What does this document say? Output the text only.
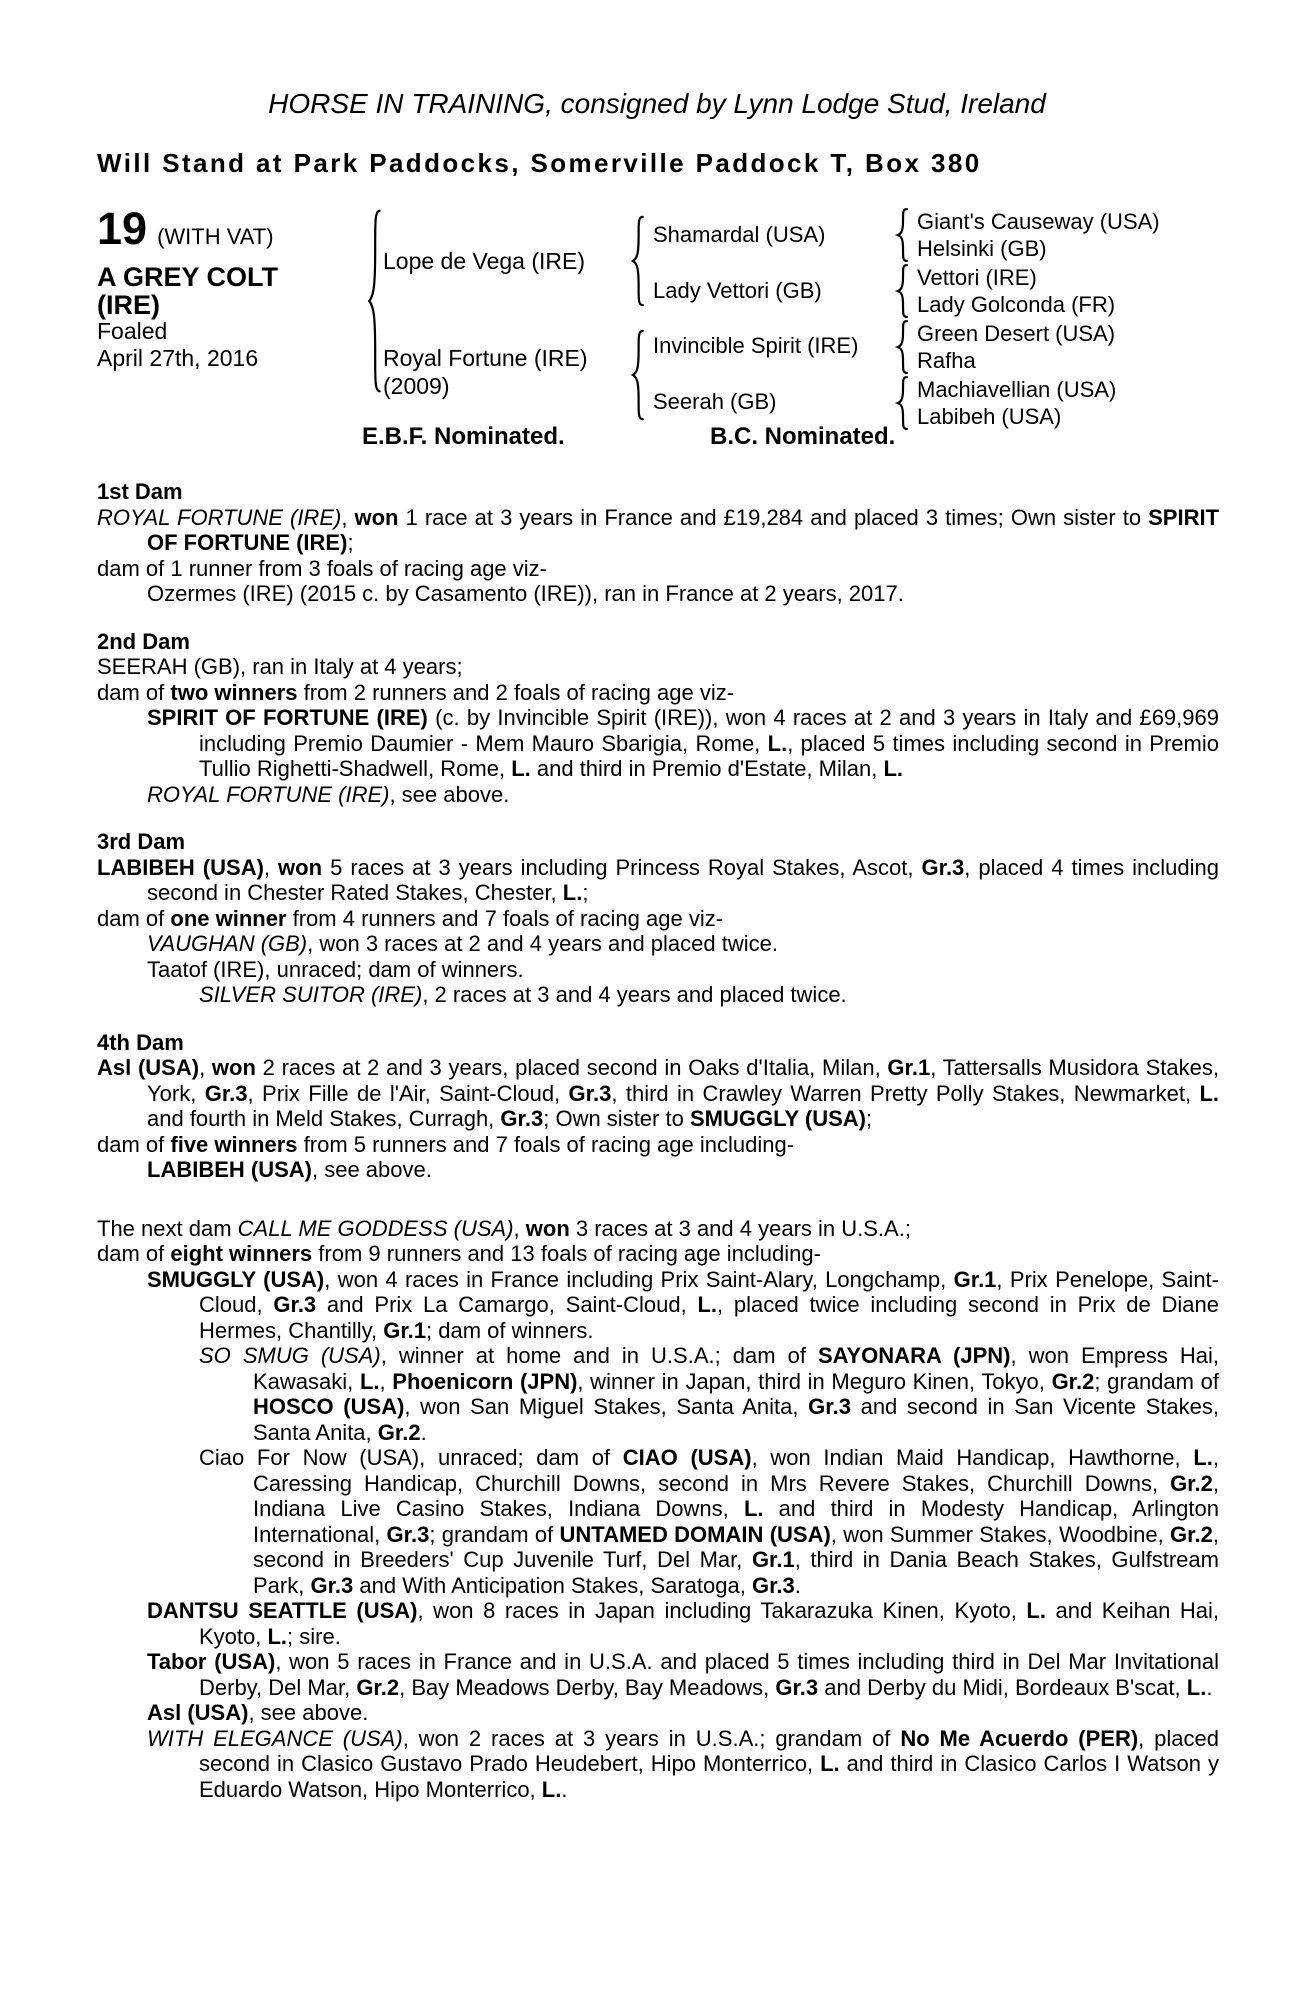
HORSE IN TRAINING, consigned by Lynn Lodge Stud, Ireland
Will Stand at Park Paddocks, Somerville Paddock T, Box 380
19 (WITH VAT)
A GREY COLT
(IRE)
Foaled
April 27th, 2016
Lope de Vega (IRE)
Royal Fortune (IRE)
(2009)
Shamardal (USA)
Lady Vettori (GB)
Invincible Spirit (IRE)
Seerah (GB)
Giant's Causeway (USA)
Helsinki (GB)
Vettori (IRE)
Lady Golconda (FR)
Green Desert (USA)
Rafha
Machiavellian (USA)
Labibeh (USA)
E.B.F. Nominated.	B.C. Nominated.
1st Dam

ROYAL FORTUNE (IRE), won 1 race at 3 years in France and £19,284 and placed 3 times; Own sister to SPIRIT OF FORTUNE (IRE);

dam of 1 runner from 3 foals of racing age viz-

Ozermes (IRE) (2015 c. by Casamento (IRE)), ran in France at 2 years, 2017.

2nd Dam

SEERAH (GB), ran in Italy at 4 years;

dam of two winners from 2 runners and 2 foals of racing age viz-

SPIRIT OF FORTUNE (IRE) (c. by Invincible Spirit (IRE)), won 4 races at 2 and 3 years in Italy and £69,969 including Premio Daumier - Mem Mauro Sbarigia, Rome, L., placed 5 times including second in Premio Tullio Righetti-Shadwell, Rome, L. and third in Premio d'Estate, Milan, L.

ROYAL FORTUNE (IRE), see above.

3rd Dam

LABIBEH (USA), won 5 races at 3 years including Princess Royal Stakes, Ascot, Gr.3, placed 4 times including second in Chester Rated Stakes, Chester, L.;

dam of one winner from 4 runners and 7 foals of racing age viz-

VAUGHAN (GB), won 3 races at 2 and 4 years and placed twice.

Taatof (IRE), unraced; dam of winners.

SILVER SUITOR (IRE), 2 races at 3 and 4 years and placed twice.

4th Dam

Asl (USA), won 2 races at 2 and 3 years, placed second in Oaks d'Italia, Milan, Gr.1, Tattersalls Musidora Stakes, York, Gr.3, Prix Fille de l'Air, Saint-Cloud, Gr.3, third in Crawley Warren Pretty Polly Stakes, Newmarket, L. and fourth in Meld Stakes, Curragh, Gr.3; Own sister to SMUGGLY (USA);

dam of five winners from 5 runners and 7 foals of racing age including-

LABIBEH (USA), see above.

The next dam CALL ME GODDESS (USA), won 3 races at 3 and 4 years in U.S.A.;

dam of eight winners from 9 runners and 13 foals of racing age including-

SMUGGLY (USA), won 4 races in France including Prix Saint-Alary, Longchamp, Gr.1, Prix Penelope, Saint-Cloud, Gr.3 and Prix La Camargo, Saint-Cloud, L., placed twice including second in Prix de Diane Hermes, Chantilly, Gr.1; dam of winners.

SO SMUG (USA), winner at home and in U.S.A.; dam of SAYONARA (JPN), won Empress Hai, Kawasaki, L., Phoenicorn (JPN), winner in Japan, third in Meguro Kinen, Tokyo, Gr.2; grandam of HOSCO (USA), won San Miguel Stakes, Santa Anita, Gr.3 and second in San Vicente Stakes, Santa Anita, Gr.2.

Ciao For Now (USA), unraced; dam of CIAO (USA), won Indian Maid Handicap, Hawthorne, L., Caressing Handicap, Churchill Downs, second in Mrs Revere Stakes, Churchill Downs, Gr.2, Indiana Live Casino Stakes, Indiana Downs, L. and third in Modesty Handicap, Arlington International, Gr.3; grandam of UNTAMED DOMAIN (USA), won Summer Stakes, Woodbine, Gr.2, second in Breeders' Cup Juvenile Turf, Del Mar, Gr.1, third in Dania Beach Stakes, Gulfstream Park, Gr.3 and With Anticipation Stakes, Saratoga, Gr.3.

DANTSU SEATTLE (USA), won 8 races in Japan including Takarazuka Kinen, Kyoto, L. and Keihan Hai, Kyoto, L.; sire.

Tabor (USA), won 5 races in France and in U.S.A. and placed 5 times including third in Del Mar Invitational Derby, Del Mar, Gr.2, Bay Meadows Derby, Bay Meadows, Gr.3 and Derby du Midi, Bordeaux B'scat, L..

Asl (USA), see above.

WITH ELEGANCE (USA), won 2 races at 3 years in U.S.A.; grandam of No Me Acuerdo (PER), placed second in Clasico Gustavo Prado Heudebert, Hipo Monterrico, L. and third in Clasico Carlos I Watson y Eduardo Watson, Hipo Monterrico, L..
